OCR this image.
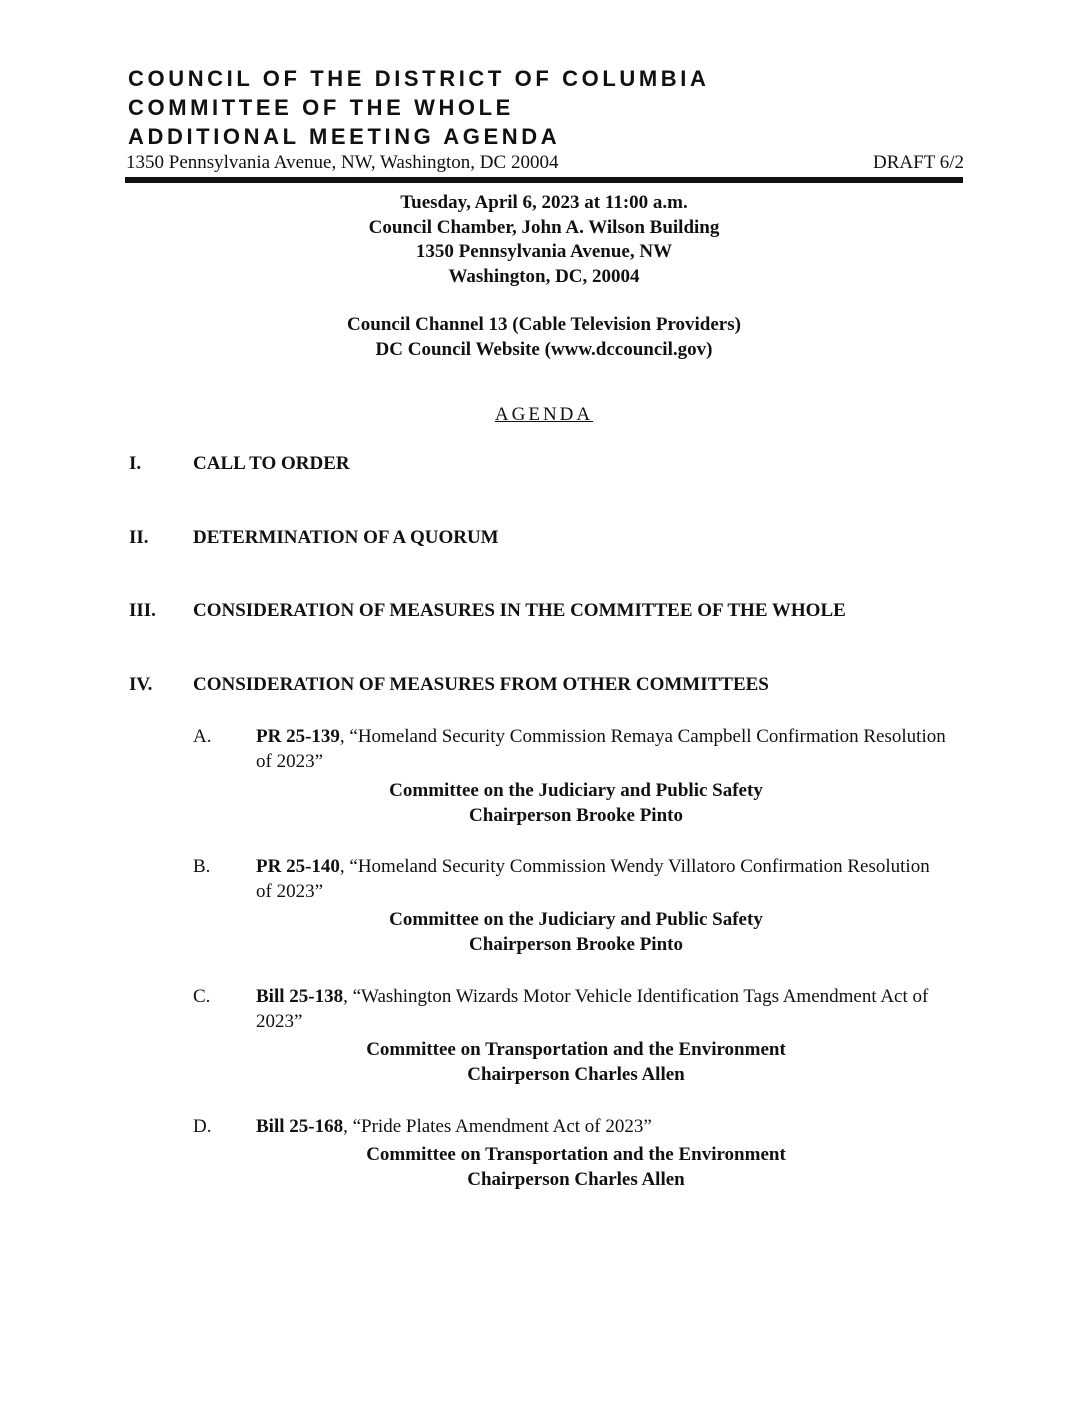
COUNCIL OF THE DISTRICT OF COLUMBIA
COMMITTEE OF THE WHOLE
ADDITIONAL MEETING AGENDA
1350 Pennsylvania Avenue, NW, Washington, DC 20004	DRAFT 6/2
Tuesday, April 6, 2023 at 11:00 a.m.
Council Chamber, John A. Wilson Building
1350 Pennsylvania Avenue, NW
Washington, DC, 20004
Council Channel 13 (Cable Television Providers)
DC Council Website (www.dccouncil.gov)
AGENDA
I.	CALL TO ORDER
II. DETERMINATION OF A QUORUM
III. CONSIDERATION OF MEASURES IN THE COMMITTEE OF THE WHOLE
IV. CONSIDERATION OF MEASURES FROM OTHER COMMITTEES
A. PR 25-139, “Homeland Security Commission Remaya Campbell Confirmation Resolution of 2023”
Committee on the Judiciary and Public Safety
Chairperson Brooke Pinto
B. PR 25-140, “Homeland Security Commission Wendy Villatoro Confirmation Resolution of 2023”
Committee on the Judiciary and Public Safety
Chairperson Brooke Pinto
C. Bill 25-138, “Washington Wizards Motor Vehicle Identification Tags Amendment Act of 2023”
Committee on Transportation and the Environment
Chairperson Charles Allen
D. Bill 25-168, “Pride Plates Amendment Act of 2023”
Committee on Transportation and the Environment
Chairperson Charles Allen
